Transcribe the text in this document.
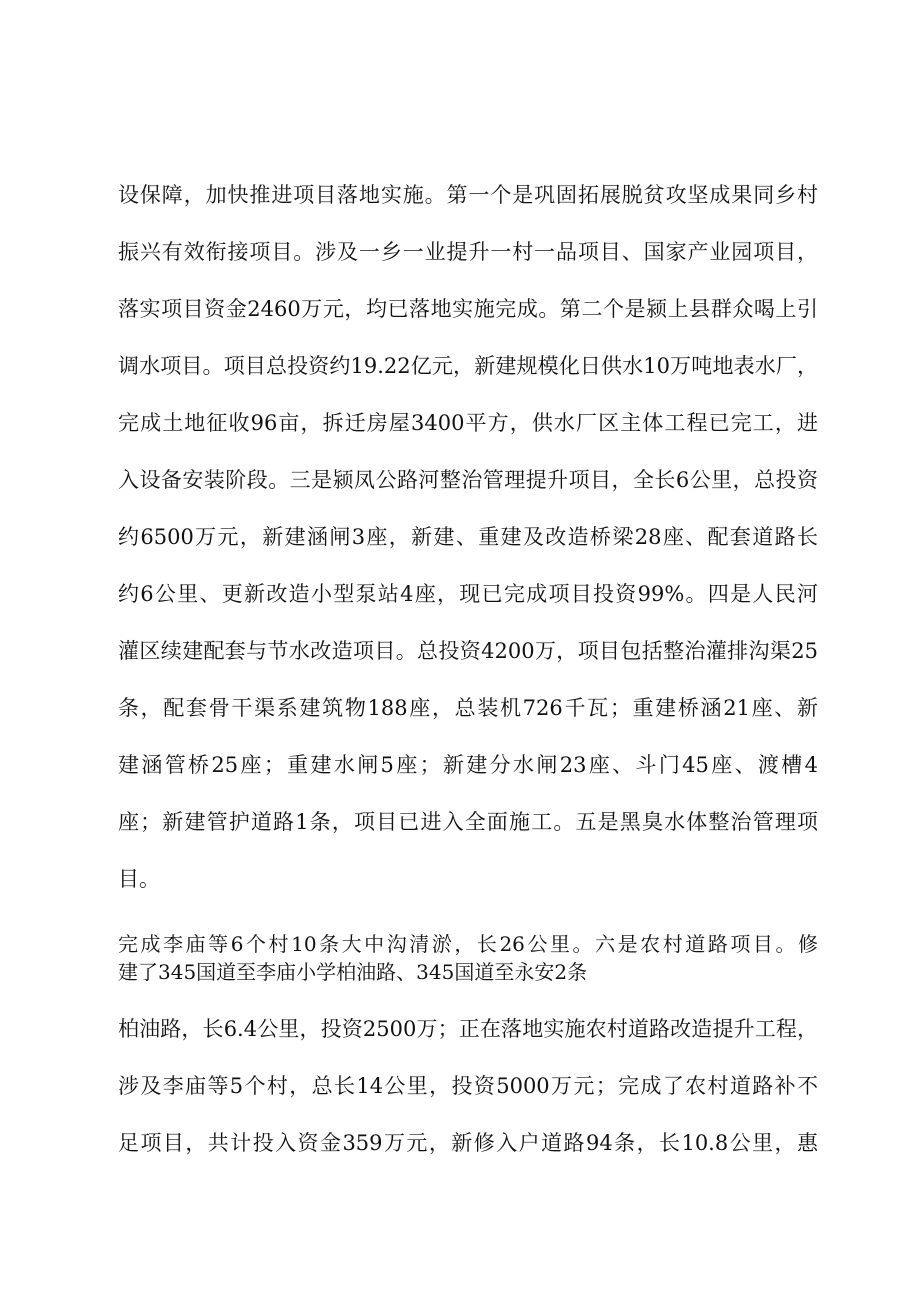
设保障，加快推进项目落地实施。第一个是巩固拓展脱贫攻坚成果同乡村
振兴有效衔接项目。涉及一乡一业提升一村一品项目、国家产业园项目，
落实项目资金2460万元，均已落地实施完成。第二个是颍上县群众喝上引
调水项目。项目总投资约19.22亿元，新建规模化日供水10万吨地表水厂，
完成土地征收96亩，拆迁房屋3400平方，供水厂区主体工程已完工，进
入设备安装阶段。三是颍凤公路河整治管理提升项目，全长6公里，总投资
约6500万元，新建涵闸3座，新建、重建及改造桥梁28座、配套道路长
约6公里、更新改造小型泵站4座，现已完成项目投资99%。四是人民河
灌区续建配套与节水改造项目。总投资4200万，项目包括整治灌排沟渠25
条，配套骨干渠系建筑物188座，总装机726千瓦；重建桥涵21座、新
建涵管桥25座；重建水闸5座；新建分水闸23座、斗门45座、渡槽4
座；新建管护道路1条，项目已进入全面施工。五是黑臭水体整治管理项
目。
完成李庙等6个村10条大中沟清淤，长26公里。六是农村道路项目。修
建了345国道至李庙小学柏油路、345国道至永安2条
柏油路，长6.4公里，投资2500万；正在落地实施农村道路改造提升工程，
涉及李庙等5个村，总长14公里，投资5000万元；完成了农村道路补不
足项目，共计投入资金359万元，新修入户道路94条，长10.8公里，惠
